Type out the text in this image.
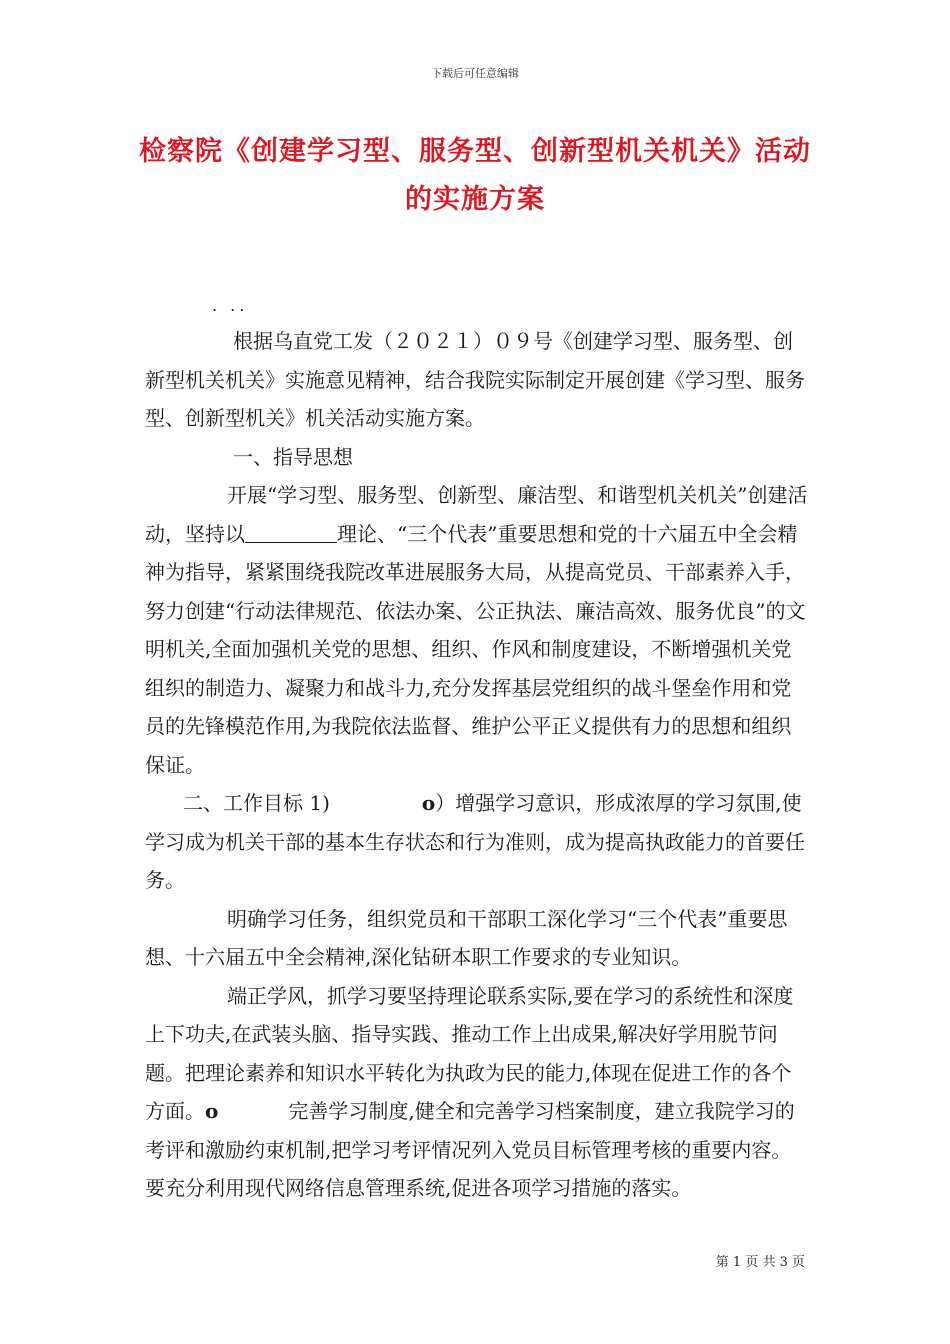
下载后可任意编辑
检察院《创建学习型、服务型、创新型机关机关》活动的实施方案
. ..

根据乌直党工发（２０２１）０９号《创建学习型、服务型、创新型机关机关》实施意见精神，结合我院实际制定开展创建《学习型、服务型、创新型机关》机关活动实施方案。

一、指导思想

开展“学习型、服务型、创新型、廉洁型、和谐型机关机关”创建活动，坚持以	理论、“三个代表”重要思想和党的十六届五中全会精神为指导，紧紧围绕我院改革进展服务大局，从提高党员、干部素养入手，努力创建“行动法律规范、依法办案、公正执法、廉洁高效、服务优良”的文明机关,全面加强机关党的思想、组织、作风和制度建设，不断增强机关党组织的制造力、凝聚力和战斗力,充分发挥基层党组织的战斗堡垒作用和党员的先锋模范作用,为我院依法监督、维护公平正义提供有力的思想和组织保证。

二、工作目标 1)	ο）增强学习意识，形成浓厚的学习氛围,使学习成为机关干部的基本生存状态和行为准则，成为提高执政能力的首要任务。

明确学习任务，组织党员和干部职工深化学习“三个代表”重要思想、十六届五中全会精神,深化钻研本职工作要求的专业知识。

端正学风，抓学习要坚持理论联系实际,要在学习的系统性和深度上下功夫,在武装头脑、指导实践、推动工作上出成果,解决好学用脱节问题。把理论素养和知识水平转化为执政为民的能力,体现在促进工作的各个方面。ο	完善学习制度,健全和完善学习档案制度，建立我院学习的考评和激励约束机制,把学习考评情况列入党员目标管理考核的重要内容。要充分利用现代网络信息管理系统,促进各项学习措施的落实。

第 1 页 共 3 页
